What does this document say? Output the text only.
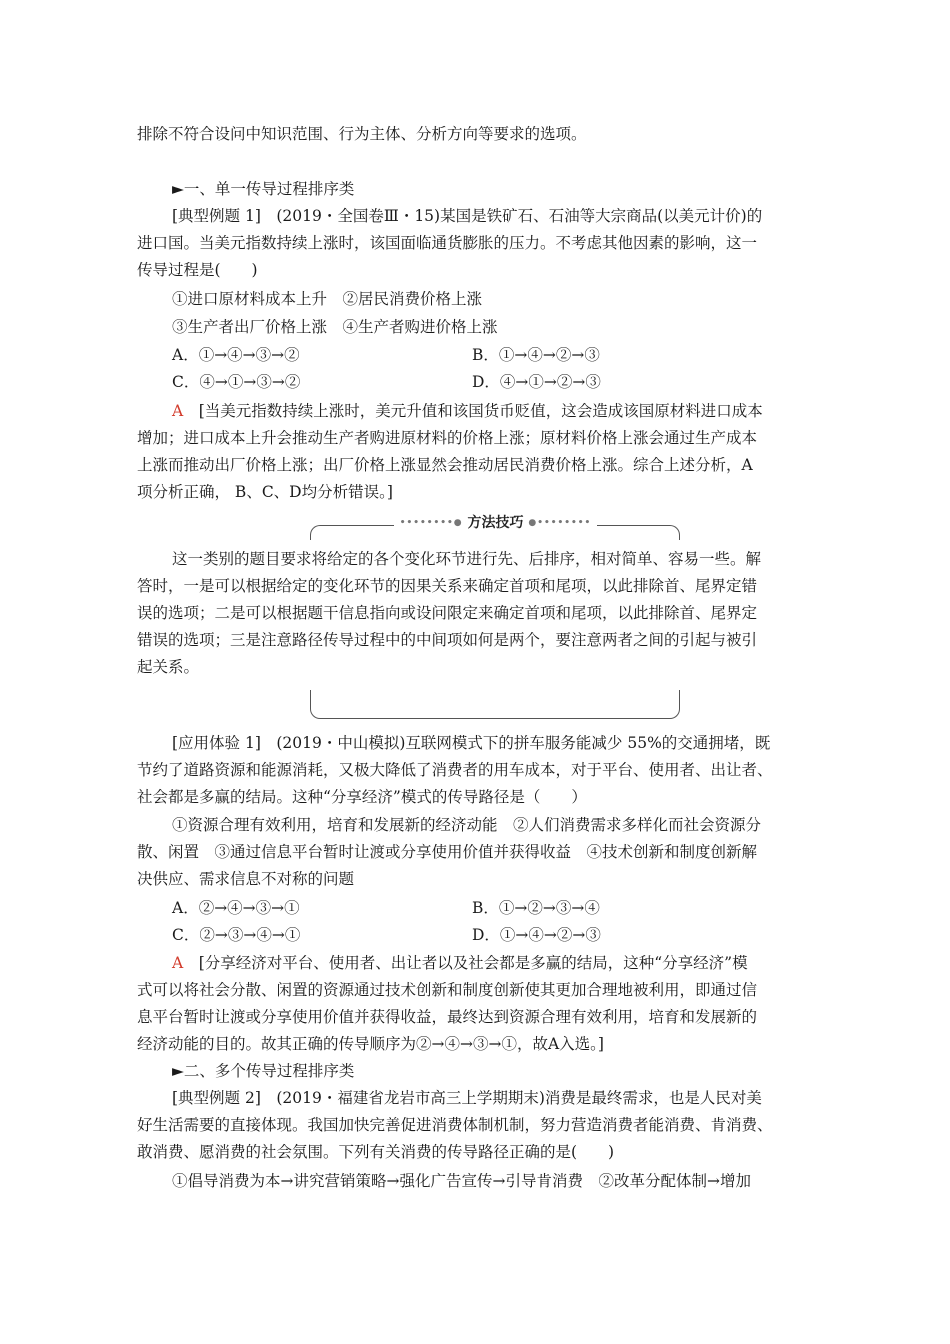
排除不符合设问中知识范围、行为主体、分析方向等要求的选项。
►一、单一传导过程排序类
[典型例题 1]　(2019・全国卷Ⅲ・15)某国是铁矿石、石油等大宗商品(以美元计价)的
进口国。当美元指数持续上涨时，该国面临通货膨胀的压力。不考虑其他因素的影响，这一
传导过程是(　　)
①进口原材料成本上升　②居民消费价格上涨
③生产者出厂价格上涨　④生产者购进价格上涨
A．①→④→③→②	B．①→④→②→③
C．④→①→③→②	D．④→①→②→③
A　[当美元指数持续上涨时，美元升值和该国货币贬值，这会造成该国原材料进口成本
增加；进口成本上升会推动生产者购进原材料的价格上涨；原材料价格上涨会通过生产成本
上涨而推动出厂价格上涨；出厂价格上涨显然会推动居民消费价格上涨。综合上述分析，A
项分析正确， B、C、D均分析错误。]
••••••••● 方法技巧 ●••••••••
这一类别的题目要求将给定的各个变化环节进行先、后排序，相对简单、容易一些。解
答时，一是可以根据给定的变化环节的因果关系来确定首项和尾项，以此排除首、尾界定错
误的选项；二是可以根据题干信息指向或设问限定来确定首项和尾项，以此排除首、尾界定
错误的选项；三是注意路径传导过程中的中间项如何是两个，要注意两者之间的引起与被引
起关系。
[应用体验 1]　(2019・中山模拟)互联网模式下的拼车服务能减少 55%的交通拥堵，既
节约了道路资源和能源消耗，又极大降低了消费者的用车成本，对于平台、使用者、出让者、
社会都是多赢的结局。这种“分享经济”模式的传导路径是（　　）
①资源合理有效利用，培育和发展新的经济动能　②人们消费需求多样化而社会资源分
散、闲置　③通过信息平台暂时让渡或分享使用价值并获得收益　④技术创新和制度创新解
决供应、需求信息不对称的问题
A．②→④→③→①	B．①→②→③→④
C．②→③→④→①	D．①→④→②→③
A　[分享经济对平台、使用者、出让者以及社会都是多赢的结局，这种“分享经济”模
式可以将社会分散、闲置的资源通过技术创新和制度创新使其更加合理地被利用，即通过信
息平台暂时让渡或分享使用价值并获得收益，最终达到资源合理有效利用，培育和发展新的
经济动能的目的。故其正确的传导顺序为②→④→③→①，故A入选。]
►二、多个传导过程排序类
[典型例题 2]　(2019・福建省龙岩市高三上学期期末)消费是最终需求，也是人民对美
好生活需要的直接体现。我国加快完善促进消费体制机制，努力营造消费者能消费、肯消费、
敢消费、愿消费的社会氛围。下列有关消费的传导路径正确的是(　　)
①倡导消费为本→讲究营销策略→强化广告宣传→引导肯消费　②改革分配体制→增加
